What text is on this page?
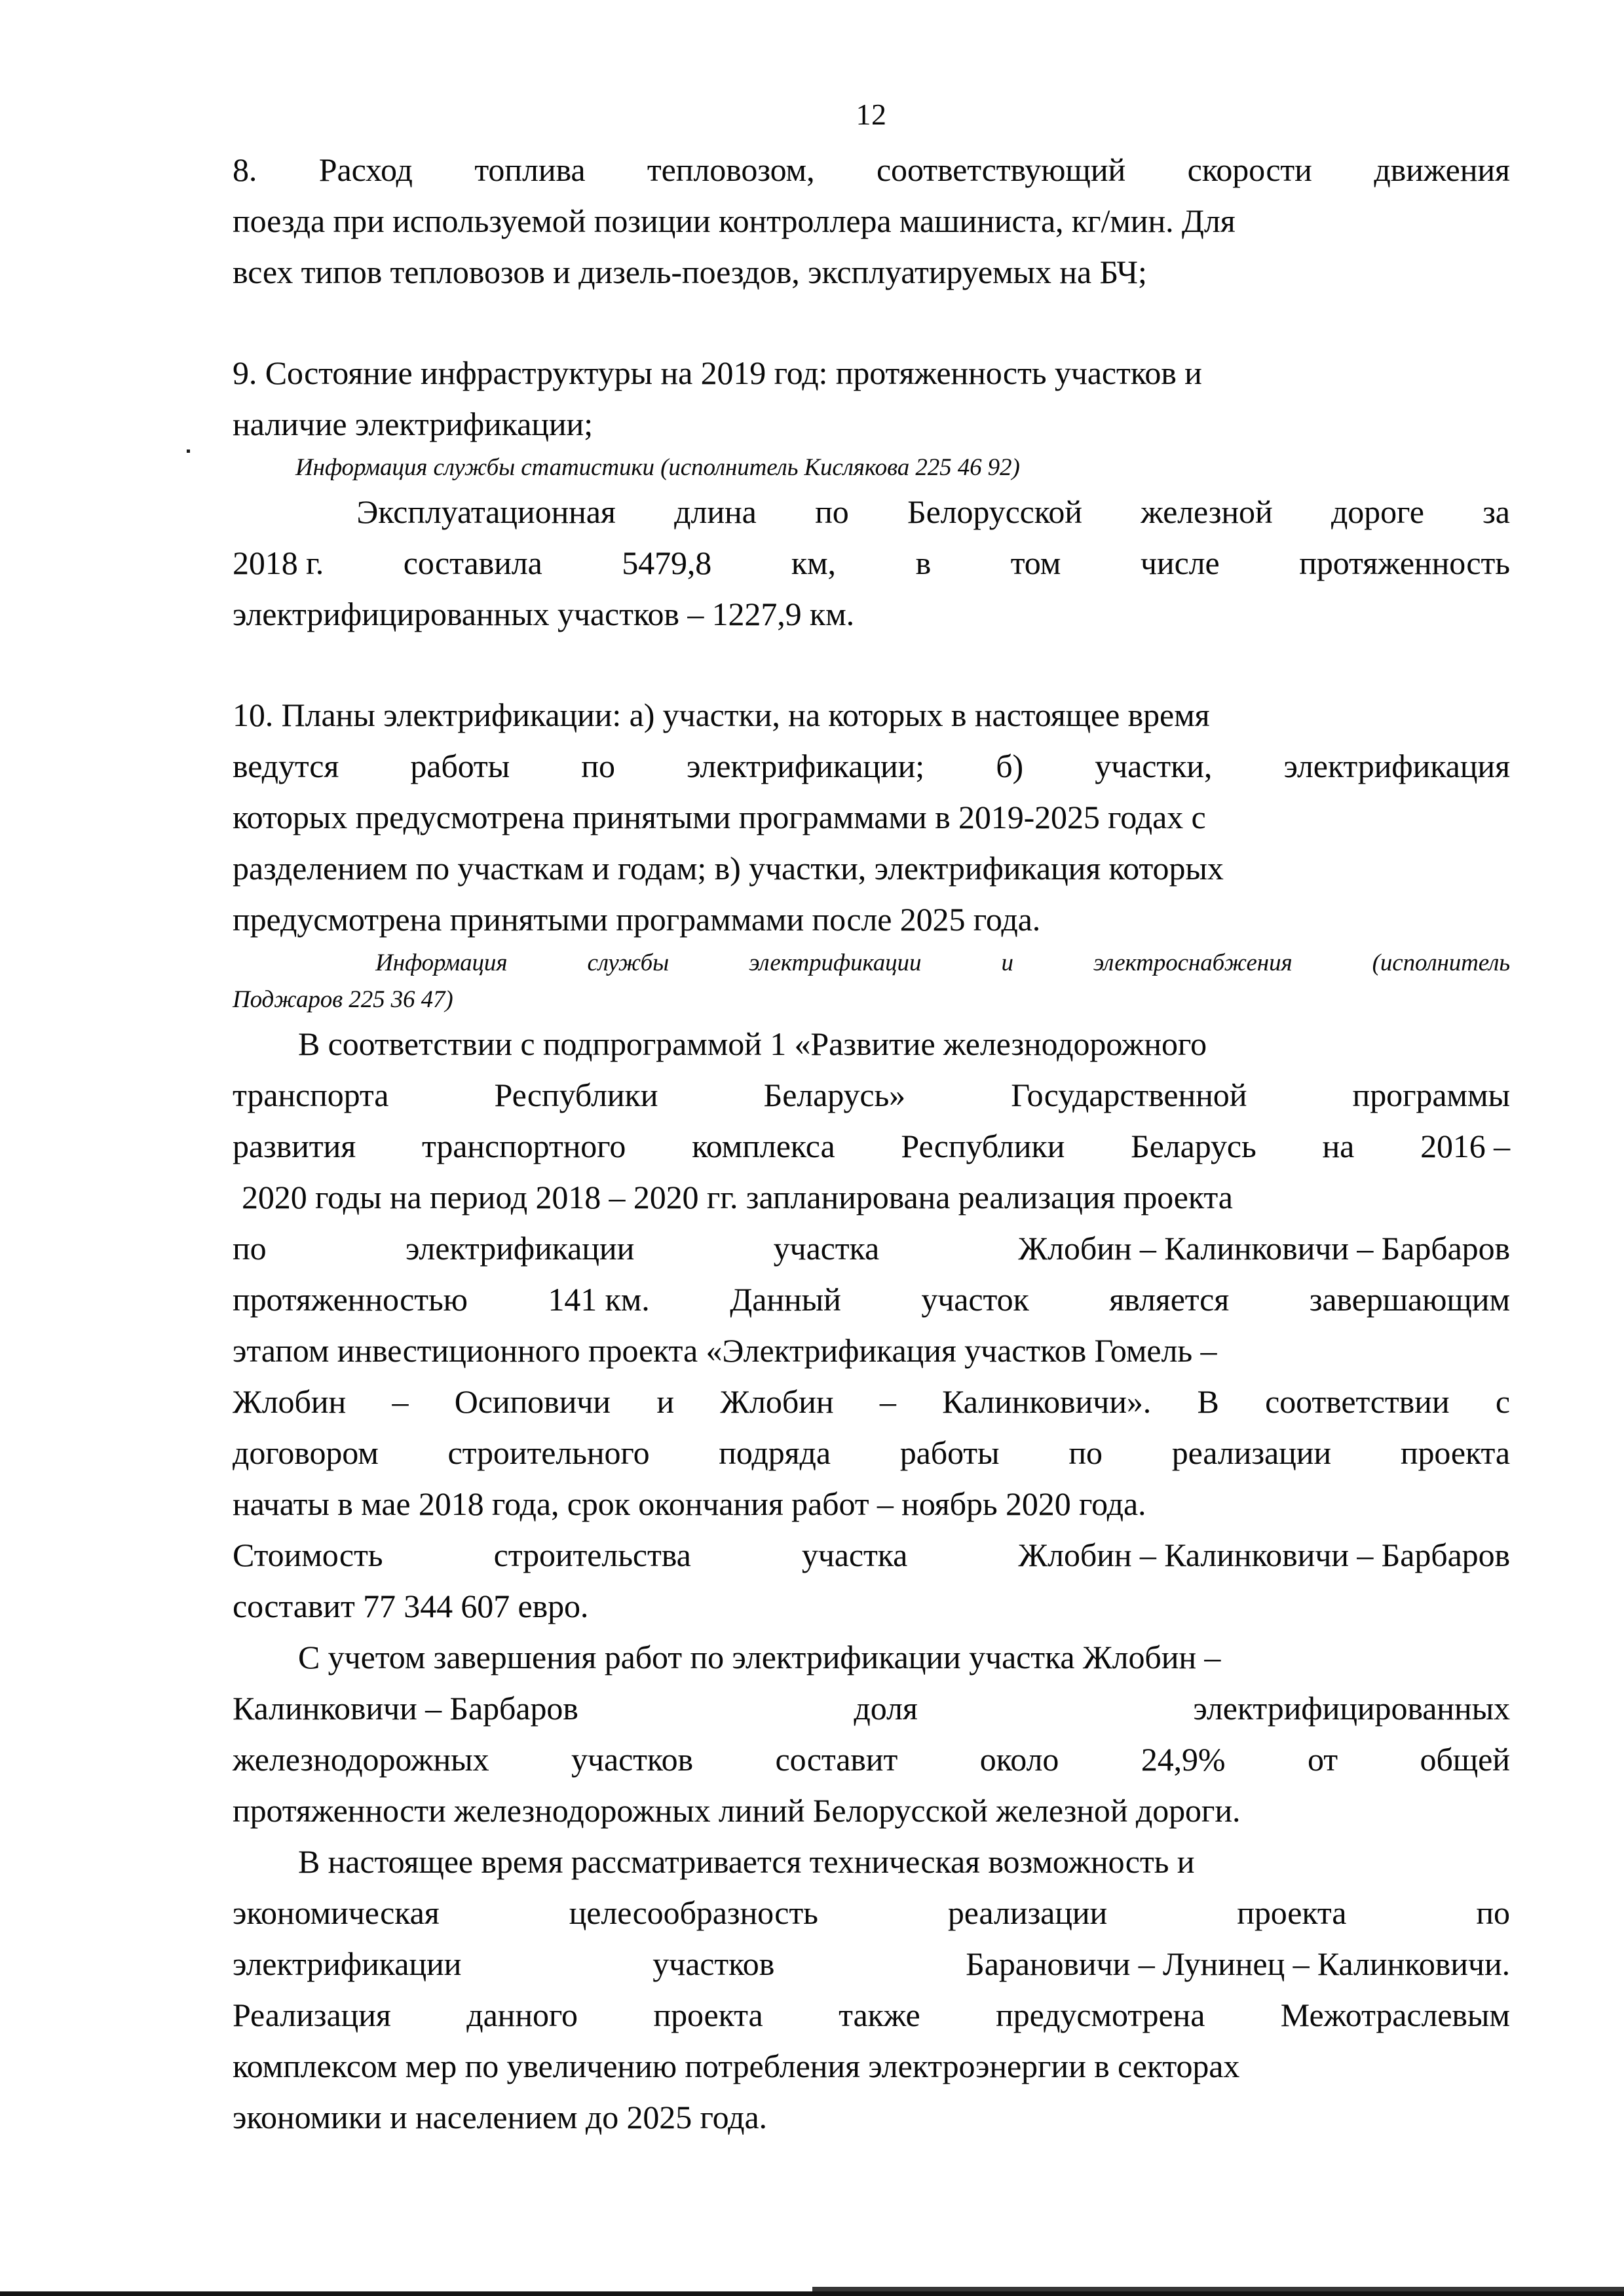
12
8. Расход топлива тепловозом, соответствующий скорости движения
поезда при используемой позиции контроллера машиниста, кг/мин. Для
всех типов тепловозов и дизель-поездов, эксплуатируемых на БЧ;
9. Состояние инфраструктуры на 2019 год: протяженность участков и
наличие электрификации;
Информация службы статистики (исполнитель Кислякова 225 46 92)
Эксплуатационная длина по Белорусской железной дороге за
2018 г. составила 5479,8 км, в том числе протяженность
электрифицированных участков – 1227,9 км.
10. Планы электрификации: а) участки, на которых в настоящее время
ведутся работы по электрификации; б) участки, электрификация
которых предусмотрена принятыми программами в 2019-2025 годах с
разделением по участкам и годам; в) участки, электрификация которых
предусмотрена принятыми программами после 2025 года.
Информация	службы	электрификации	и	электроснабжения	(исполнитель
Поджаров 225 36 47)
В соответствии с подпрограммой 1 «Развитие железнодорожного
транспорта	Республики	Беларусь»	Государственной	программы
развития транспортного комплекса Республики Беларусь на 2016 –
2020 годы на период 2018 – 2020 гг. запланирована реализация проекта
по	электрификации	участка	Жлобин – Калинковичи – Барбаров
протяженностью 141 км. Данный участок является завершающим
этапом инвестиционного проекта «Электрификация участков Гомель –
Жлобин – Осиповичи и Жлобин – Калинковичи». В соответствии с
договором строительного подряда работы по реализации проекта
начаты в мае 2018 года, срок окончания работ – ноябрь 2020 года.
Стоимость	строительства	участка	Жлобин – Калинковичи – Барбаров
составит 77 344 607 евро.
С учетом завершения работ по электрификации участка Жлобин –
Калинковичи – Барбаров	доля	электрифицированных
железнодорожных	участков	составит	около	24,9%	от	общей
протяженности железнодорожных линий Белорусской железной дороги.
В настоящее время рассматривается техническая возможность и
экономическая	целесообразность	реализации	проекта	по
электрификации	участков	Барановичи – Лунинец – Калинковичи.
Реализация данного проекта также предусмотрена Межотраслевым
комплексом мер по увеличению потребления электроэнергии в секторах
экономики и населением до 2025 года.
